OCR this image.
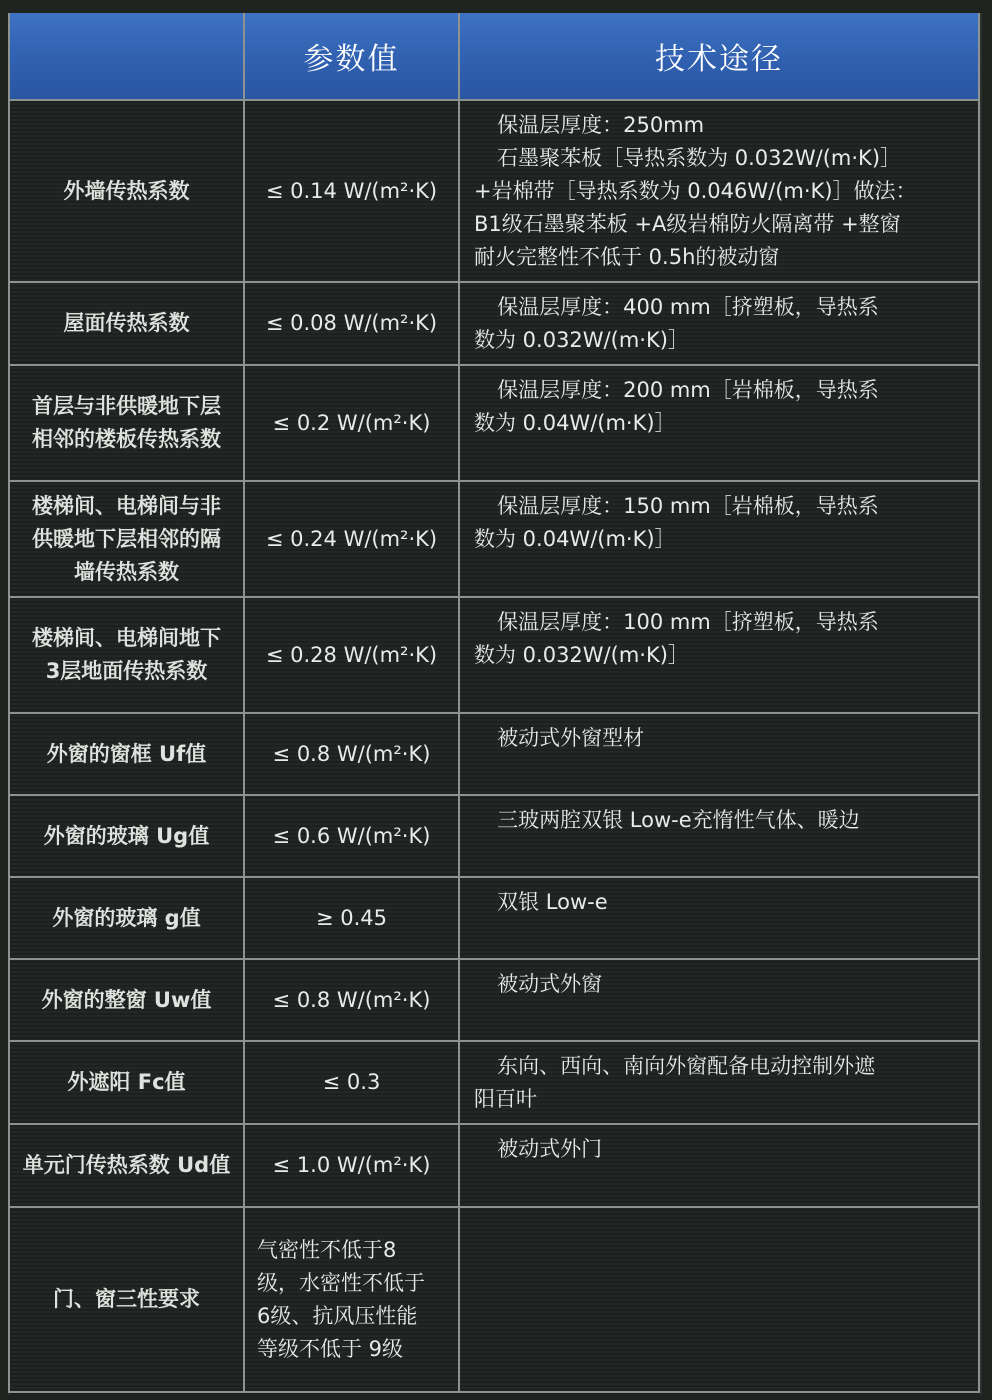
	参数值	技术途径
外墙传热系数	≤ 0.14 W/(m²·K)	保温层厚度：250mm
石墨聚苯板［导热系数为 0.032W/(m·K)］
+岩棉带［导热系数为 0.046W/(m·K)］做法：
B1级石墨聚苯板 +A级岩棉防火隔离带 +整窗
耐火完整性不低于 0.5h的被动窗

屋面传热系数	≤ 0.08 W/(m²·K)	保温层厚度：400 mm［挤塑板，导热系
数为 0.032W/(m·K)］

首层与非供暖地下层相邻的楼板传热系数	≤ 0.2 W/(m²·K)	保温层厚度：200 mm［岩棉板，导热系
数为 0.04W/(m·K)］

楼梯间、电梯间与非供暖地下层相邻的隔墙传热系数	≤ 0.24 W/(m²·K)	保温层厚度：150 mm［岩棉板，导热系
数为 0.04W/(m·K)］

楼梯间、电梯间地下 3层地面传热系数	≤ 0.28 W/(m²·K)	保温层厚度：100 mm［挤塑板，导热系
数为 0.032W/(m·K)］

外窗的窗框 Uf值	≤ 0.8 W/(m²·K)	被动式外窗型材

外窗的玻璃 Ug值	≤ 0.6 W/(m²·K)	三玻两腔双银 Low-e充惰性气体、暖边

外窗的玻璃 g值	≥ 0.45	双银 Low-e

外窗的整窗 Uw值	≤ 0.8 W/(m²·K)	被动式外窗

外遮阳 Fc值	≤ 0.3	东向、西向、南向外窗配备电动控制外遮
阳百叶

单元门传热系数 Ud值	≤ 1.0 W/(m²·K)	被动式外门

门、窗三性要求	气密性不低于8级，水密性不低于 6级、抗风压性能等级不低于 9级	
